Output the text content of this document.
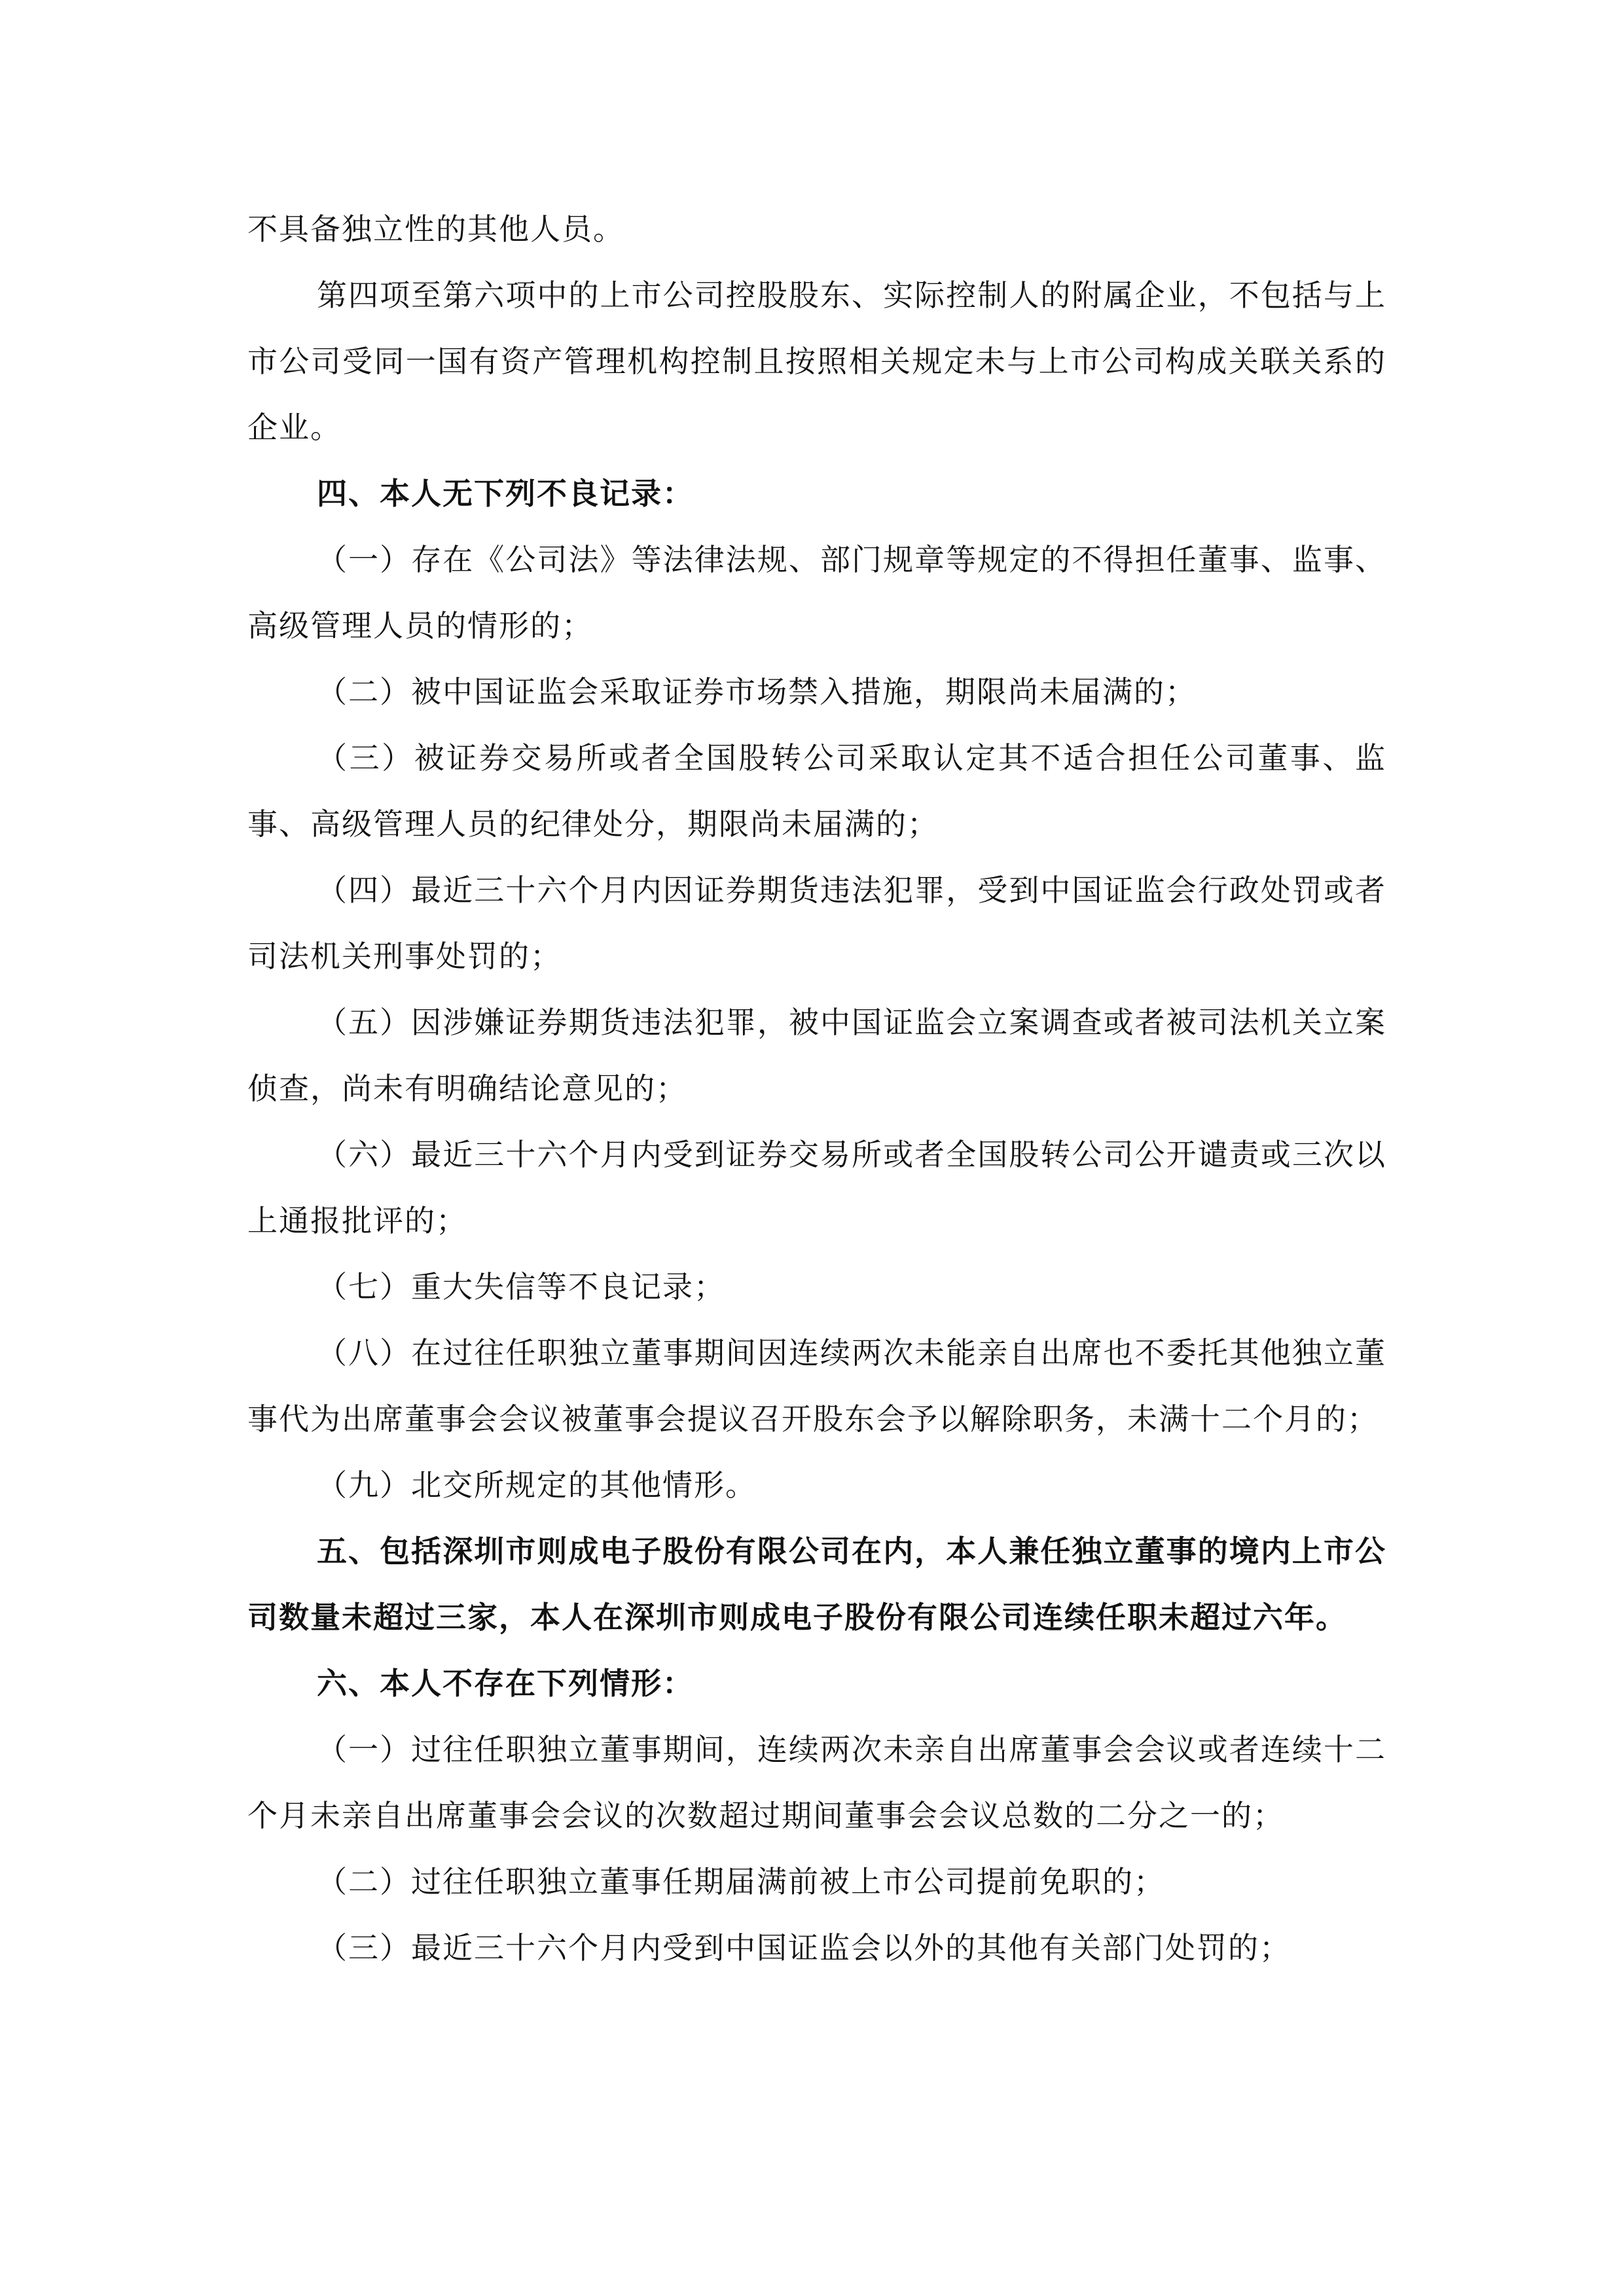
不具备独立性的其他人员。

第四项至第六项中的上市公司控股股东、实际控制人的附属企业，不包括与上市公司受同一国有资产管理机构控制且按照相关规定未与上市公司构成关联关系的企业。

四、本人无下列不良记录：

（一）存在《公司法》等法律法规、部门规章等规定的不得担任董事、监事、高级管理人员的情形的；

（二）被中国证监会采取证券市场禁入措施，期限尚未届满的；

（三）被证券交易所或者全国股转公司采取认定其不适合担任公司董事、监事、高级管理人员的纪律处分，期限尚未届满的；

（四）最近三十六个月内因证券期货违法犯罪，受到中国证监会行政处罚或者司法机关刑事处罚的；

（五）因涉嫌证券期货违法犯罪，被中国证监会立案调查或者被司法机关立案侦查，尚未有明确结论意见的；

（六）最近三十六个月内受到证券交易所或者全国股转公司公开谴责或三次以上通报批评的；

（七）重大失信等不良记录；

（八）在过往任职独立董事期间因连续两次未能亲自出席也不委托其他独立董事代为出席董事会会议被董事会提议召开股东会予以解除职务，未满十二个月的；

（九）北交所规定的其他情形。

五、包括深圳市则成电子股份有限公司在内，本人兼任独立董事的境内上市公司数量未超过三家，本人在深圳市则成电子股份有限公司连续任职未超过六年。

六、本人不存在下列情形：

（一）过往任职独立董事期间，连续两次未亲自出席董事会会议或者连续十二个月未亲自出席董事会会议的次数超过期间董事会会议总数的二分之一的；

（二）过往任职独立董事任期届满前被上市公司提前免职的；

（三）最近三十六个月内受到中国证监会以外的其他有关部门处罚的；
